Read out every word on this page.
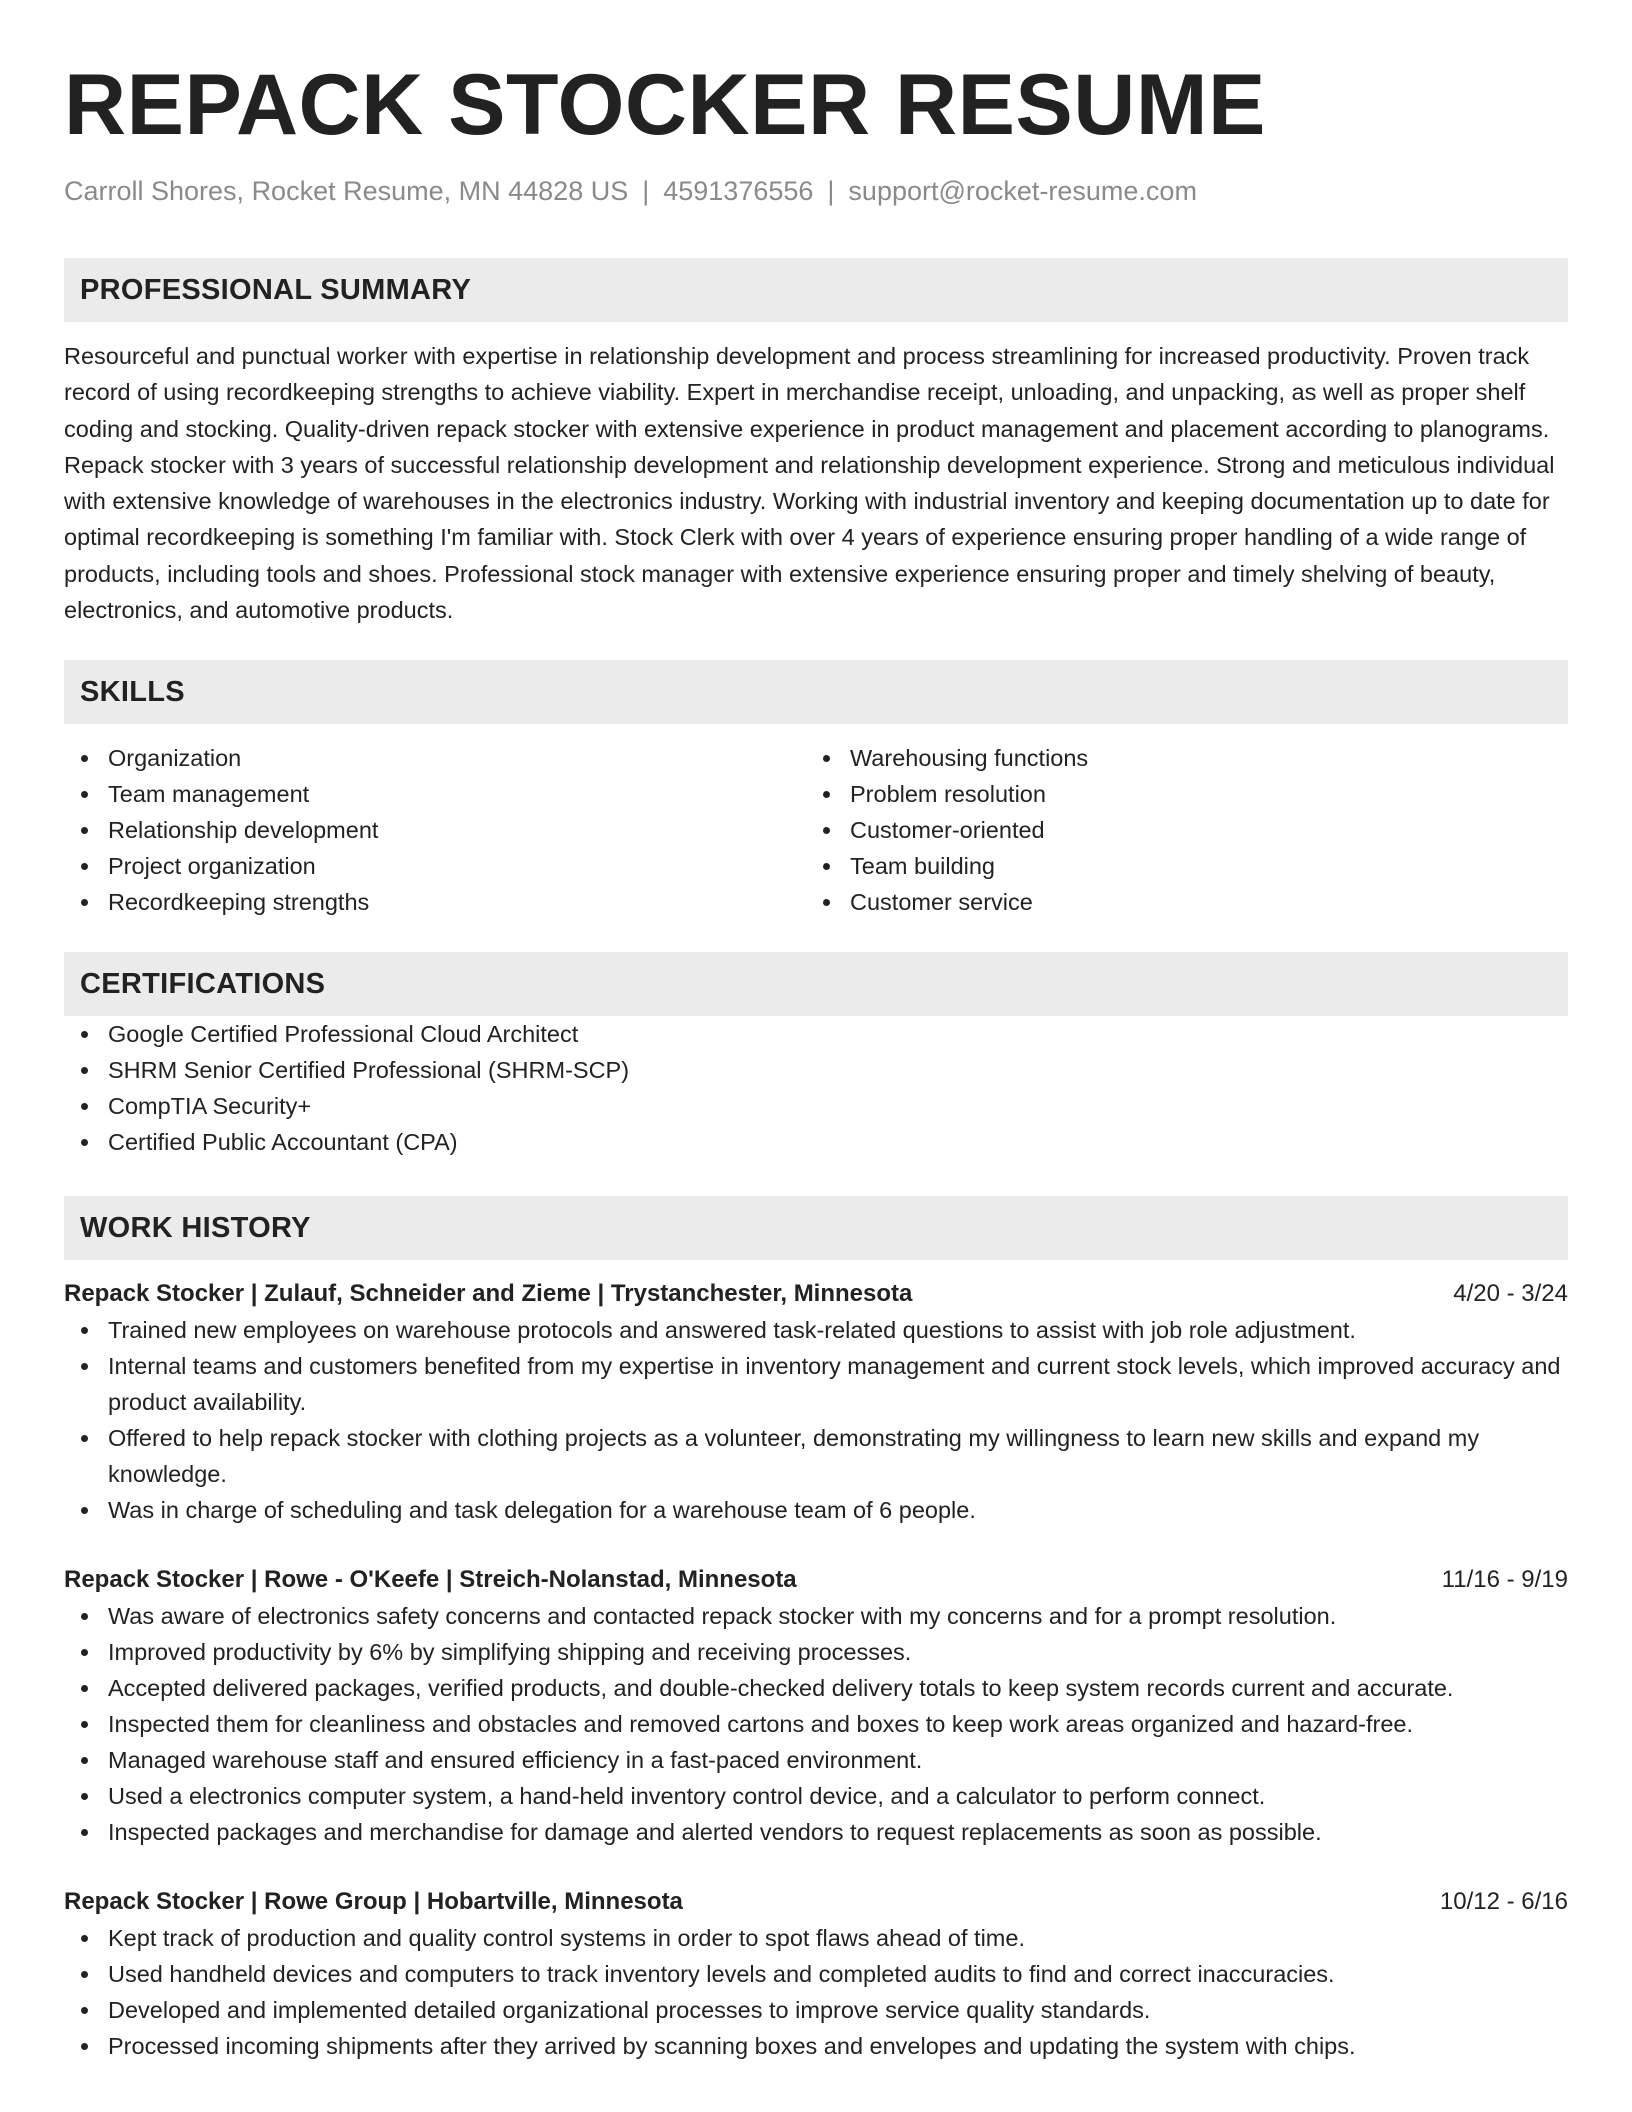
REPACK STOCKER RESUME
Carroll Shores, Rocket Resume, MN 44828 US | 4591376556 | support@rocket-resume.com
PROFESSIONAL SUMMARY

Resourceful and punctual worker with expertise in relationship development and process streamlining for increased productivity. Proven track record of using recordkeeping strengths to achieve viability. Expert in merchandise receipt, unloading, and unpacking, as well as proper shelf coding and stocking. Quality-driven repack stocker with extensive experience in product management and placement according to planograms. Repack stocker with 3 years of successful relationship development and relationship development experience. Strong and meticulous individual with extensive knowledge of warehouses in the electronics industry. Working with industrial inventory and keeping documentation up to date for optimal recordkeeping is something I'm familiar with. Stock Clerk with over 4 years of experience ensuring proper handling of a wide range of products, including tools and shoes. Professional stock manager with extensive experience ensuring proper and timely shelving of beauty, electronics, and automotive products.

SKILLS
Organization
Team management
Relationship development
Project organization
Recordkeeping strengths
Warehousing functions
Problem resolution
Customer-oriented
Team building
Customer service
CERTIFICATIONS
Google Certified Professional Cloud Architect
SHRM Senior Certified Professional (SHRM-SCP)
CompTIA Security+
Certified Public Accountant (CPA)
WORK HISTORY
Repack Stocker | Zulauf, Schneider and Zieme | Trystanchester, Minnesota	4/20 - 3/24
Trained new employees on warehouse protocols and answered task-related questions to assist with job role adjustment.
Internal teams and customers benefited from my expertise in inventory management and current stock levels, which improved accuracy and product availability.
Offered to help repack stocker with clothing projects as a volunteer, demonstrating my willingness to learn new skills and expand my knowledge.
Was in charge of scheduling and task delegation for a warehouse team of 6 people.
Repack Stocker | Rowe - O'Keefe | Streich-Nolanstad, Minnesota	11/16 - 9/19
Was aware of electronics safety concerns and contacted repack stocker with my concerns and for a prompt resolution.
Improved productivity by 6% by simplifying shipping and receiving processes.
Accepted delivered packages, verified products, and double-checked delivery totals to keep system records current and accurate.
Inspected them for cleanliness and obstacles and removed cartons and boxes to keep work areas organized and hazard-free.
Managed warehouse staff and ensured efficiency in a fast-paced environment.
Used a electronics computer system, a hand-held inventory control device, and a calculator to perform connect.
Inspected packages and merchandise for damage and alerted vendors to request replacements as soon as possible.
Repack Stocker | Rowe Group | Hobartville, Minnesota	10/12 - 6/16
Kept track of production and quality control systems in order to spot flaws ahead of time.
Used handheld devices and computers to track inventory levels and completed audits to find and correct inaccuracies.
Developed and implemented detailed organizational processes to improve service quality standards.
Processed incoming shipments after they arrived by scanning boxes and envelopes and updating the system with chips.
